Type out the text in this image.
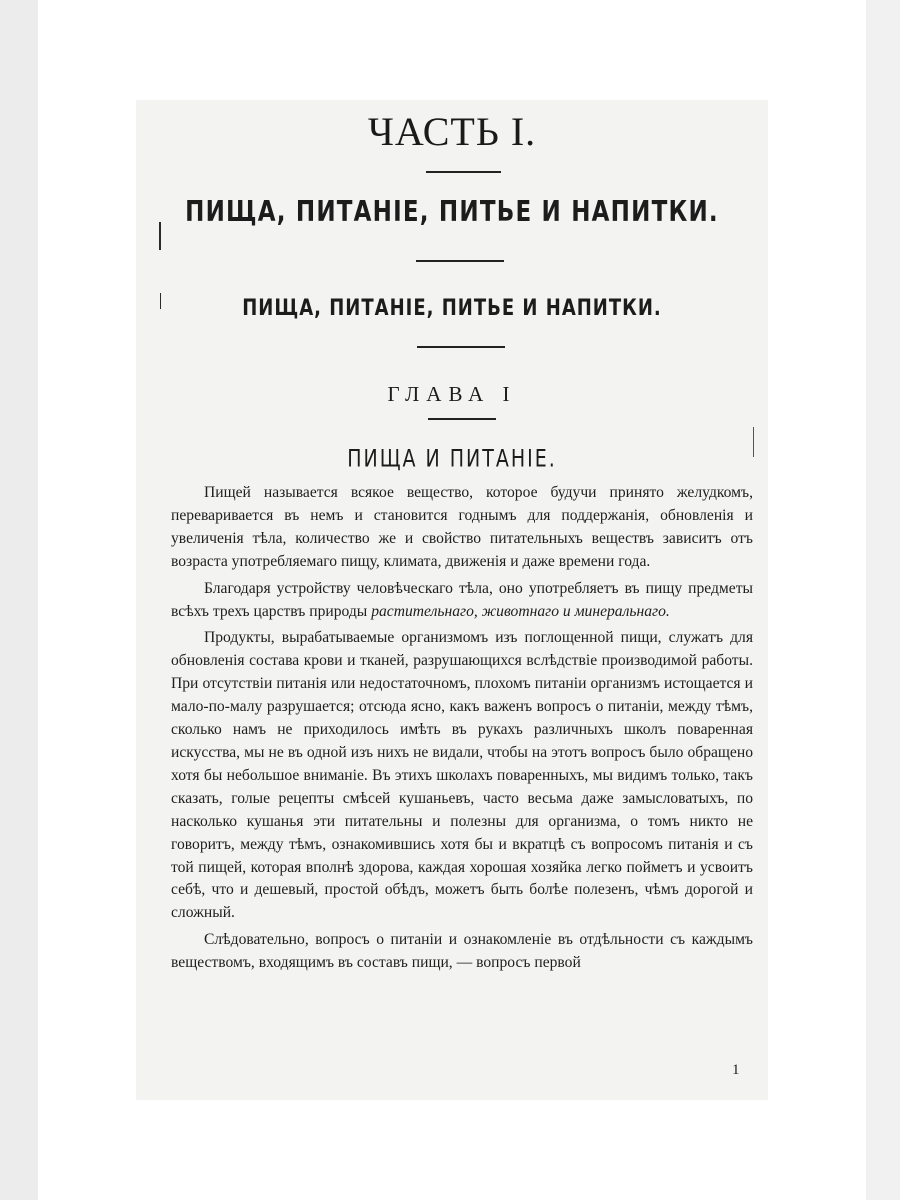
ЧАСТЬ I.
ПИЩА, ПИТАНІЕ, ПИТЬЕ И НАПИТКИ.
ПИЩА, ПИТАНІЕ, ПИТЬЕ И НАПИТКИ.
ГЛАВА I
ПИЩА И ПИТАНІЕ.

Пищей называется всякое вещество, которое будучи принято желудкомъ, перевариваeтся въ немъ и становится годнымъ для поддержанія, обновленія и увеличенія тѣла, количество же и свойство питательныхъ веществъ зависитъ отъ возраста употребляемаго пищу, климата, движенія и даже времени года.

Благодаря устройству человѣческаго тѣла, оно употребляетъ въ пищу предметы всѣхъ трехъ царствъ природы растительнаго, животнаго и минеральнаго.

Продукты, вырабатываемые организмомъ изъ поглощенной пищи, служатъ для обновленія состава крови и тканей, разрушающихся вслѣдствіе производимой работы. При отсутствіи питанія или недостаточномъ, плохомъ питаніи организмъ истощается и мало-по-малу разрушается; отсюда ясно, какъ важенъ вопросъ о питаніи, между тѣмъ, сколько намъ не приходилось имѣть въ рукахъ различныхъ школъ поваренная искусства, мы не въ одной изъ нихъ не видали, чтобы на этотъ вопросъ было обращено хотя бы небольшое вниманіе. Въ этихъ школахъ поваренныхъ, мы видимъ только, такъ сказать, голые рецепты смѣсей кушаньевъ, часто весьма даже замысловатыхъ, по насколько кушанья эти питательны и полезны для организма, о томъ никто не говоритъ, между тѣмъ, ознакомившись хотя бы и вкратцѣ съ вопросомъ питанія и съ той пищей, которая вполнѣ здорова, каждая хорошая хозяйка легко пойметъ и усвоитъ себѣ, что и дешевый, простой обѣдъ, можетъ быть болѣе полезенъ, чѣмъ дорогой и сложный.

Слѣдовательно, вопросъ о питаніи и ознакомленіе въ отдѣльности съ каждымъ веществомъ, входящимъ въ составъ пищи, — вопросъ первой

1
